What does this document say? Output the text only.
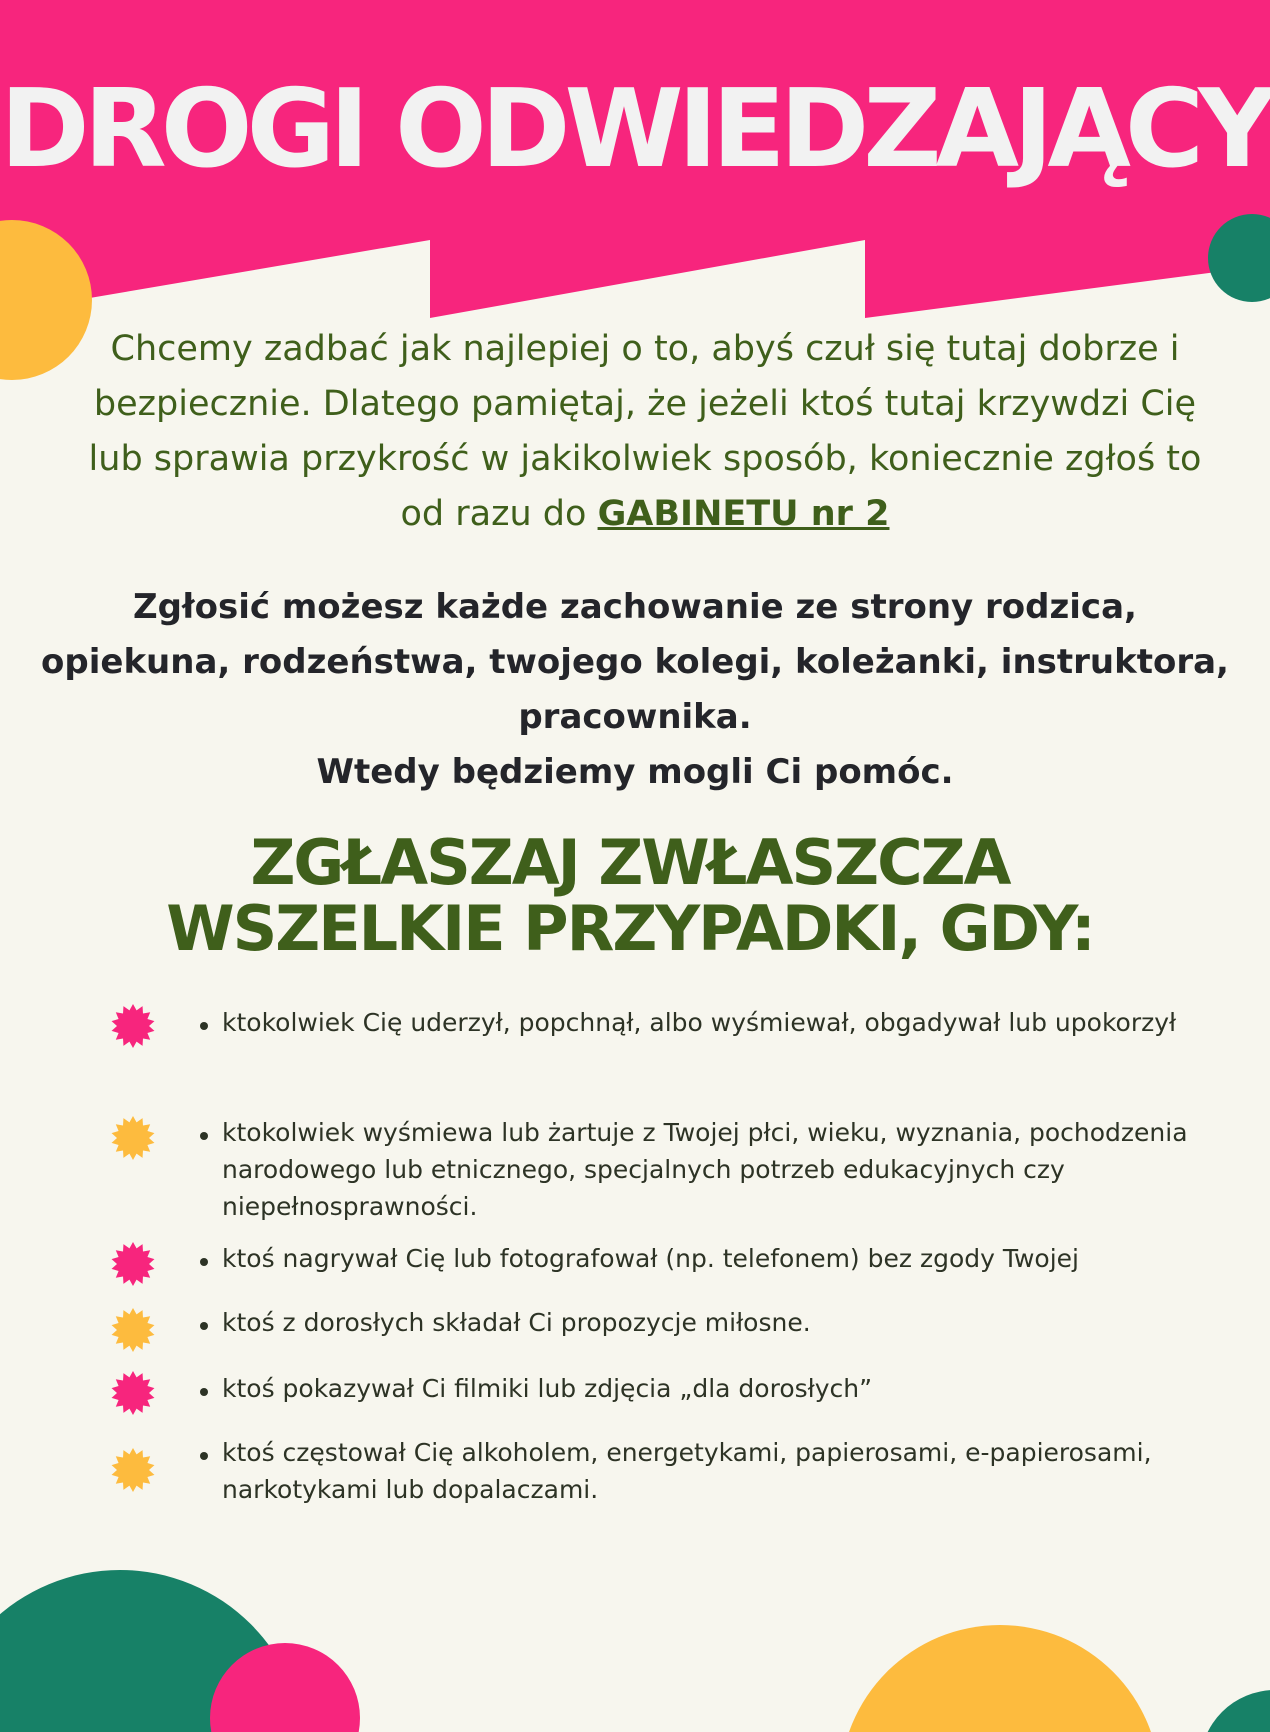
DROGI ODWIEDZAJĄCY
Chcemy zadbać jak najlepiej o to, abyś czuł się tutaj dobrze i bezpiecznie. Dlatego pamiętaj, że jeżeli ktoś tutaj krzywdzi Cię lub sprawia przykrość w jakikolwiek sposób, koniecznie zgłoś to od razu do GABINETU nr 2
Zgłosić możesz każde zachowanie ze strony rodzica, opiekuna, rodzeństwa, twojego kolegi, koleżanki, instruktora, pracownika.
Wtedy będziemy mogli Ci pomóc.
ZGŁASZAJ ZWŁASZCZA
WSZELKIE PRZYPADKI, GDY:
ktokolwiek Cię uderzył, popchnął, albo wyśmiewał, obgadywał lub upokorzył
ktokolwiek wyśmiewa lub żartuje z Twojej płci, wieku, wyznania, pochodzenia narodowego lub etnicznego, specjalnych potrzeb edukacyjnych czy niepełnosprawności.
ktoś nagrywał Cię lub fotografował (np. telefonem) bez zgody Twojej
ktoś z dorosłych składał Ci propozycje miłosne.
ktoś pokazywał Ci filmiki lub zdjęcia „dla dorosłych”
ktoś częstował Cię alkoholem, energetykami, papierosami, e-papierosami, narkotykami lub dopalaczami.
